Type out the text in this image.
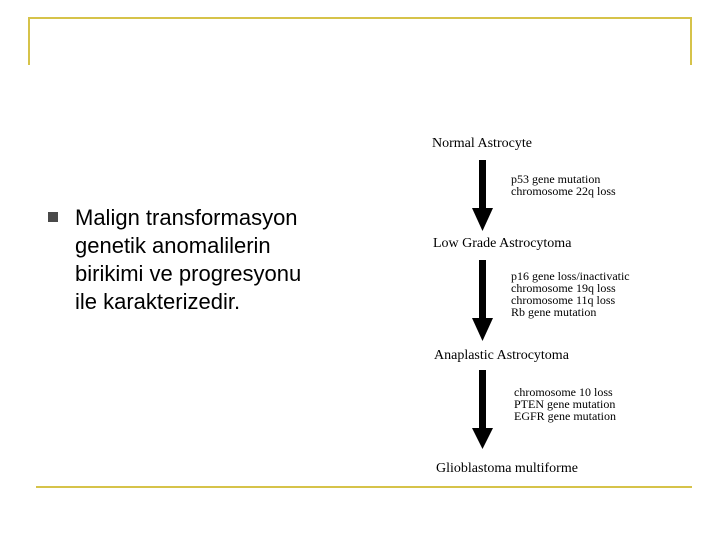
Malign transformasyon
genetik anomalilerin
birikimi ve progresyonu
ile karakterizedir.
Normal Astrocyte
p53 gene mutation
chromosome 22q loss
Low Grade Astrocytoma
p16 gene loss/inactivatic
chromosome 19q loss
chromosome 11q loss
Rb gene mutation
Anaplastic Astrocytoma
chromosome 10 loss
PTEN gene mutation
EGFR gene mutation
Glioblastoma multiforme
